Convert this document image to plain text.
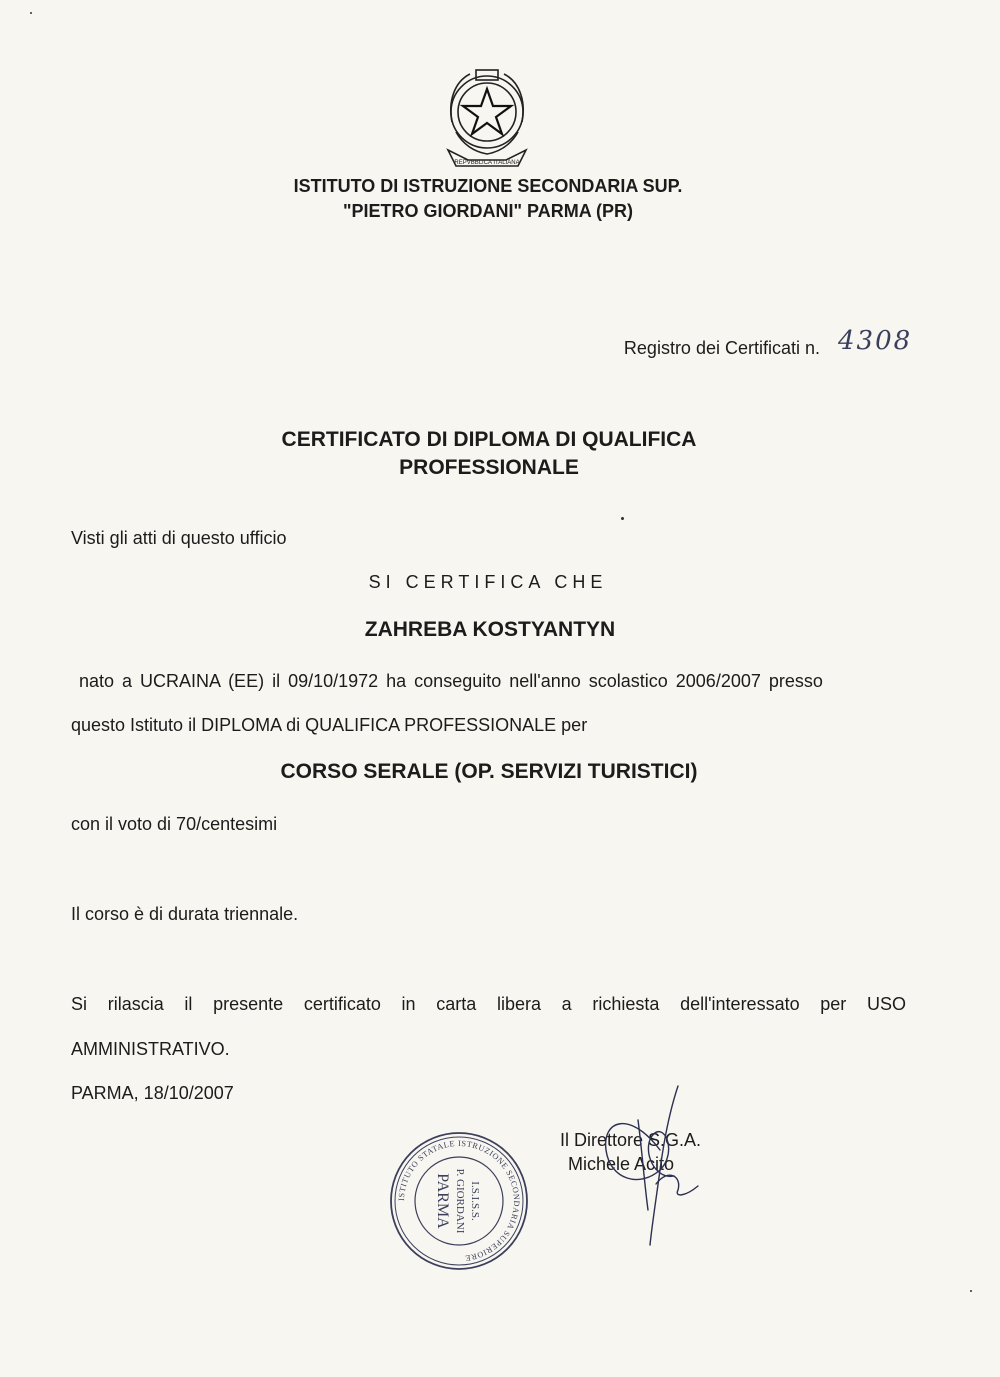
REPVBBLICA ITALIANA
ISTITUTO DI ISTRUZIONE SECONDARIA SUP.
"PIETRO GIORDANI" PARMA (PR)
Registro dei Certificati n. 4308
CERTIFICATO DI DIPLOMA DI QUALIFICA
PROFESSIONALE
Visti gli atti di questo ufficio
SI CERTIFICA CHE
ZAHREBA KOSTYANTYN
nato a UCRAINA (EE) il 09/10/1972 ha conseguito nell'anno scolastico 2006/2007 presso
questo Istituto il DIPLOMA di QUALIFICA PROFESSIONALE per
CORSO SERALE (OP. SERVIZI TURISTICI)
con il voto di 70/centesimi
Il corso è di durata triennale.
Si rilascia il presente certificato in carta libera a richiesta dell'interessato per USO
AMMINISTRATIVO.
PARMA, 18/10/2007
ISTITUTO STATALE ISTRUZIONE SECONDARIA SUPERIORE
I.S.I.S.S.
P. GIORDANI
PARMA
Il Direttore S.G.A.
Michele Acito
